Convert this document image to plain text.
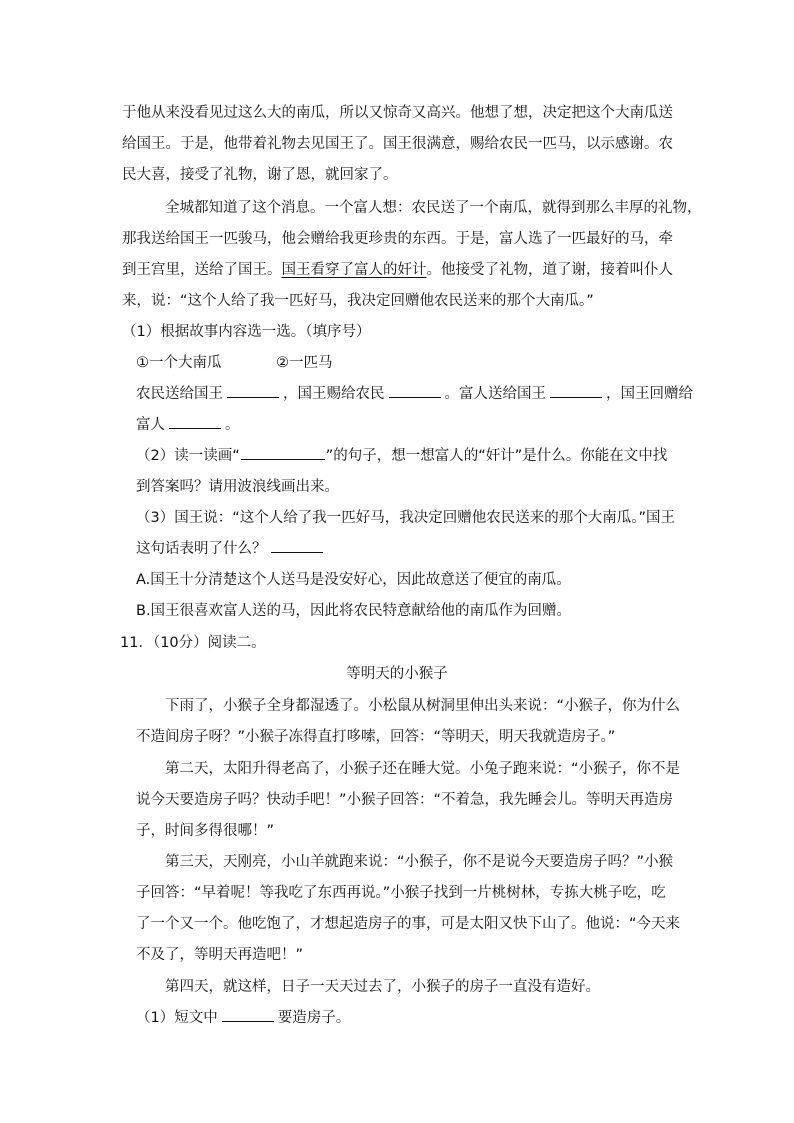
于他从来没看见过这么大的南瓜，所以又惊奇又高兴。他想了想，决定把这个大南瓜送
给国王。于是，他带着礼物去见国王了。国王很满意，赐给农民一匹马，以示感谢。农
民大喜，接受了礼物，谢了恩，就回家了。
全城都知道了这个消息。一个富人想：农民送了一个南瓜，就得到那么丰厚的礼物，
那我送给国王一匹骏马，他会赠给我更珍贵的东西。于是，富人选了一匹最好的马，牵
到王宫里，送给了国王。国王看穿了富人的奸计。他接受了礼物，道了谢，接着叫仆人
来，说：“这个人给了我一匹好马，我决定回赠他农民送来的那个大南瓜。”
（1）根据故事内容选一选。（填序号）
①一个大南瓜	②一匹马
农民送给国王	，国王赐给农民	。富人送给国王	，国王回赠给
富人	。
（2）读一读画“	”的句子，想一想富人的“奸计”是什么。你能在文中找
到答案吗？请用波浪线画出来。
（3）国王说：“这个人给了我一匹好马，我决定回赠他农民送来的那个大南瓜。”国王
这句话表明了什么？
A.国王十分清楚这个人送马是没安好心，因此故意送了便宜的南瓜。
B.国王很喜欢富人送的马，因此将农民特意献给他的南瓜作为回赠。
11．（10分）阅读二。
等明天的小猴子
下雨了，小猴子全身都湿透了。小松鼠从树洞里伸出头来说：“小猴子，你为什么
不造间房子呀？”小猴子冻得直打哆嗦，回答：“等明天，明天我就造房子。”
第二天，太阳升得老高了，小猴子还在睡大觉。小兔子跑来说：“小猴子，你不是
说今天要造房子吗？快动手吧！”小猴子回答：“不着急，我先睡会儿。等明天再造房
子，时间多得很哪！”
第三天，天刚亮，小山羊就跑来说：“小猴子，你不是说今天要造房子吗？”小猴
子回答：“早着呢！等我吃了东西再说。”小猴子找到一片桃树林，专拣大桃子吃，吃
了一个又一个。他吃饱了，才想起造房子的事，可是太阳又快下山了。他说：“今天来
不及了，等明天再造吧！”
第四天，就这样，日子一天天过去了，小猴子的房子一直没有造好。
（1）短文中	要造房子。
